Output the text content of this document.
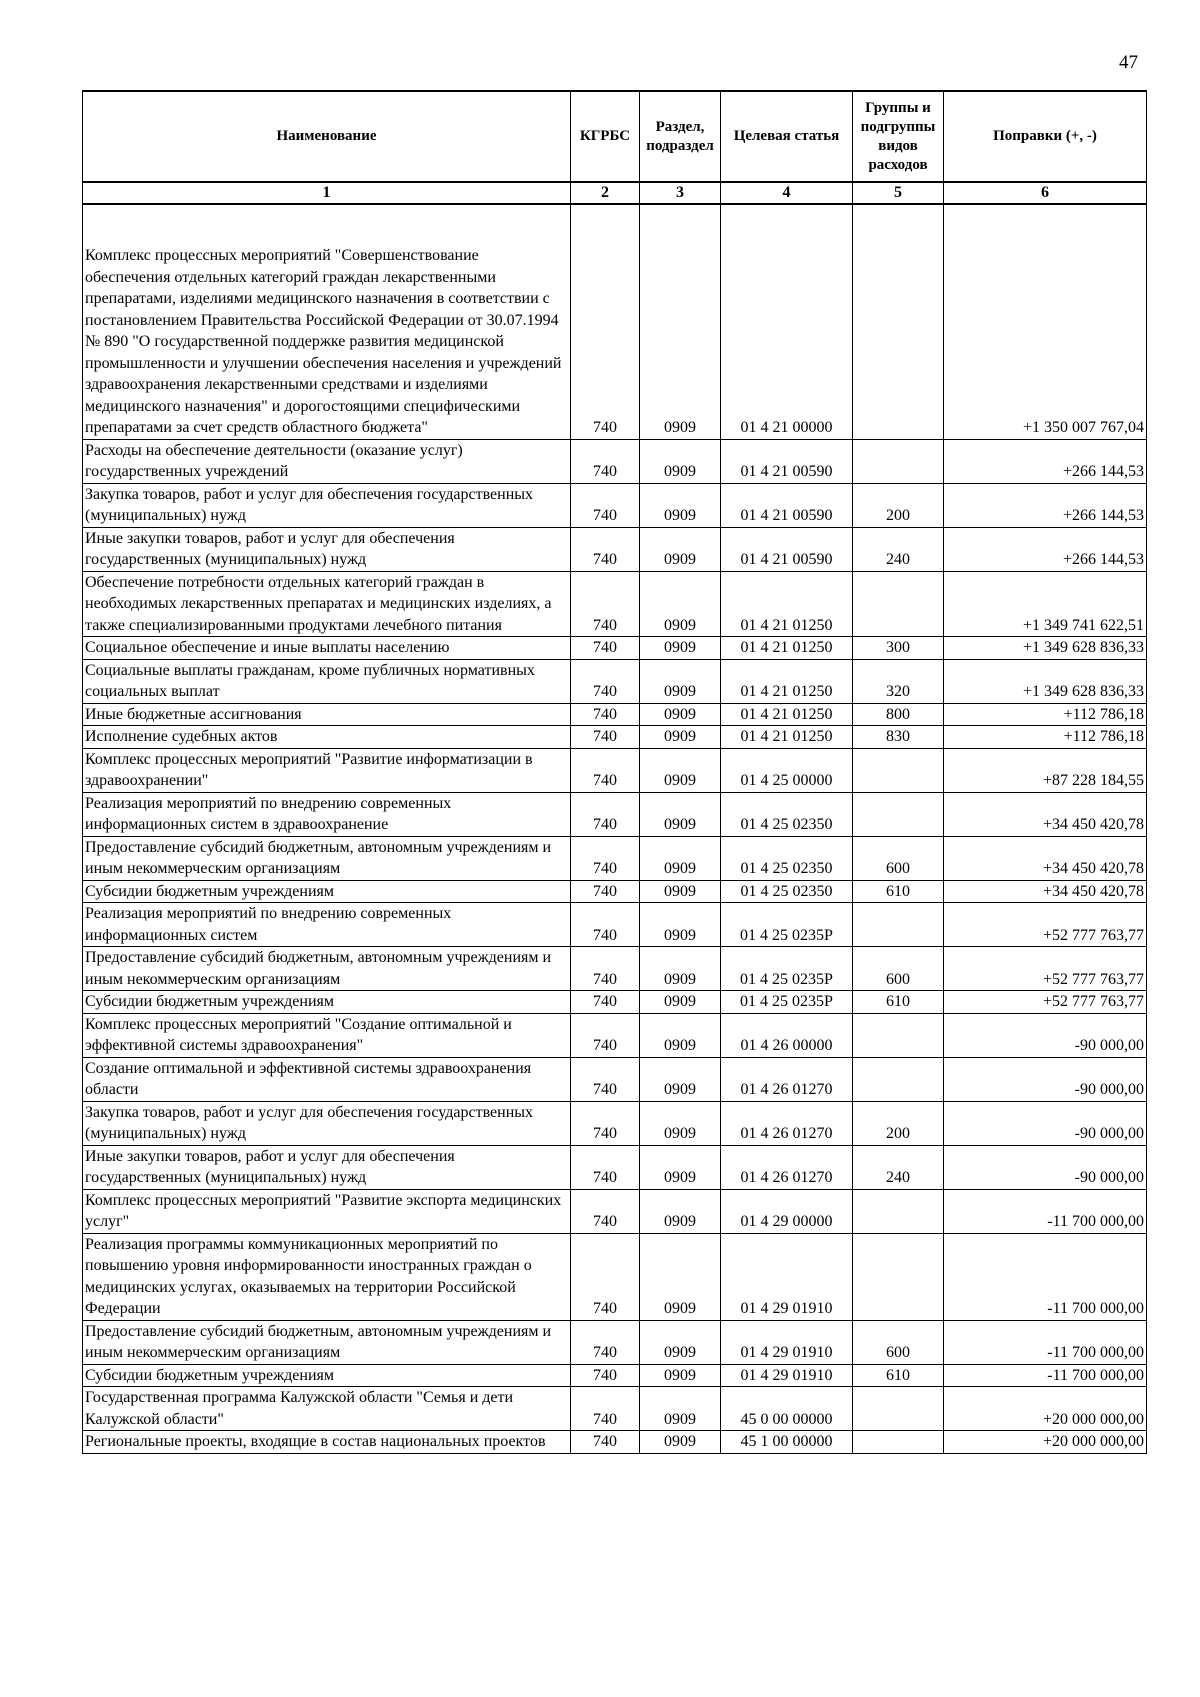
47
Наименование	КГРБС	Раздел, подраздел	Целевая статья	Группы и подгруппы видов расходов	Поправки (+, -)
1	2	3	4	5	6

Комплекс процессных мероприятий "Совершенствование обеспечения отдельных категорий граждан лекарственными препаратами, изделиями медицинского назначения в соответствии с постановлением Правительства Российской Федерации от 30.07.1994 № 890 "О государственной поддержке развития медицинской промышленности и улучшении обеспечения населения и учреждений здравоохранения лекарственными средствами и изделиями медицинского назначения" и дорогостоящими специфическими препаратами за счет средств областного бюджета"	740	0909	01 4 21 00000		+1 350 007 767,04
Расходы на обеспечение деятельности (оказание услуг) государственных учреждений	740	0909	01 4 21 00590		+266 144,53
Закупка товаров, работ и услуг для обеспечения государственных (муниципальных) нужд	740	0909	01 4 21 00590	200	+266 144,53
Иные закупки товаров, работ и услуг для обеспечения государственных (муниципальных) нужд	740	0909	01 4 21 00590	240	+266 144,53
Обеспечение потребности отдельных категорий граждан в необходимых лекарственных препаратах и медицинских изделиях, а также специализированными продуктами лечебного питания	740	0909	01 4 21 01250		+1 349 741 622,51
Социальное обеспечение и иные выплаты населению	740	0909	01 4 21 01250	300	+1 349 628 836,33
Социальные выплаты гражданам, кроме публичных нормативных социальных выплат	740	0909	01 4 21 01250	320	+1 349 628 836,33
Иные бюджетные ассигнования	740	0909	01 4 21 01250	800	+112 786,18
Исполнение судебных актов	740	0909	01 4 21 01250	830	+112 786,18
Комплекс процессных мероприятий "Развитие информатизации в здравоохранении"	740	0909	01 4 25 00000		+87 228 184,55
Реализация мероприятий по внедрению современных информационных систем в здравоохранение	740	0909	01 4 25 02350		+34 450 420,78
Предоставление субсидий бюджетным, автономным учреждениям и иным некоммерческим организациям	740	0909	01 4 25 02350	600	+34 450 420,78
Субсидии бюджетным учреждениям	740	0909	01 4 25 02350	610	+34 450 420,78
Реализация мероприятий по внедрению современных информационных систем	740	0909	01 4 25 0235Р		+52 777 763,77
Предоставление субсидий бюджетным, автономным учреждениям и иным некоммерческим организациям	740	0909	01 4 25 0235Р	600	+52 777 763,77
Субсидии бюджетным учреждениям	740	0909	01 4 25 0235Р	610	+52 777 763,77
Комплекс процессных мероприятий "Создание оптимальной и эффективной системы здравоохранения"	740	0909	01 4 26 00000		-90 000,00
Создание оптимальной и эффективной системы здравоохранения области	740	0909	01 4 26 01270		-90 000,00
Закупка товаров, работ и услуг для обеспечения государственных (муниципальных) нужд	740	0909	01 4 26 01270	200	-90 000,00
Иные закупки товаров, работ и услуг для обеспечения государственных (муниципальных) нужд	740	0909	01 4 26 01270	240	-90 000,00
Комплекс процессных мероприятий "Развитие экспорта медицинских услуг"	740	0909	01 4 29 00000		-11 700 000,00
Реализация программы коммуникационных мероприятий по повышению уровня информированности иностранных граждан о медицинских услугах, оказываемых на территории Российской Федерации	740	0909	01 4 29 01910		-11 700 000,00
Предоставление субсидий бюджетным, автономным учреждениям и иным некоммерческим организациям	740	0909	01 4 29 01910	600	-11 700 000,00
Субсидии бюджетным учреждениям	740	0909	01 4 29 01910	610	-11 700 000,00
Государственная программа Калужской области "Семья и дети Калужской области"	740	0909	45 0 00 00000		+20 000 000,00
Региональные проекты, входящие в состав национальных проектов	740	0909	45 1 00 00000		+20 000 000,00
